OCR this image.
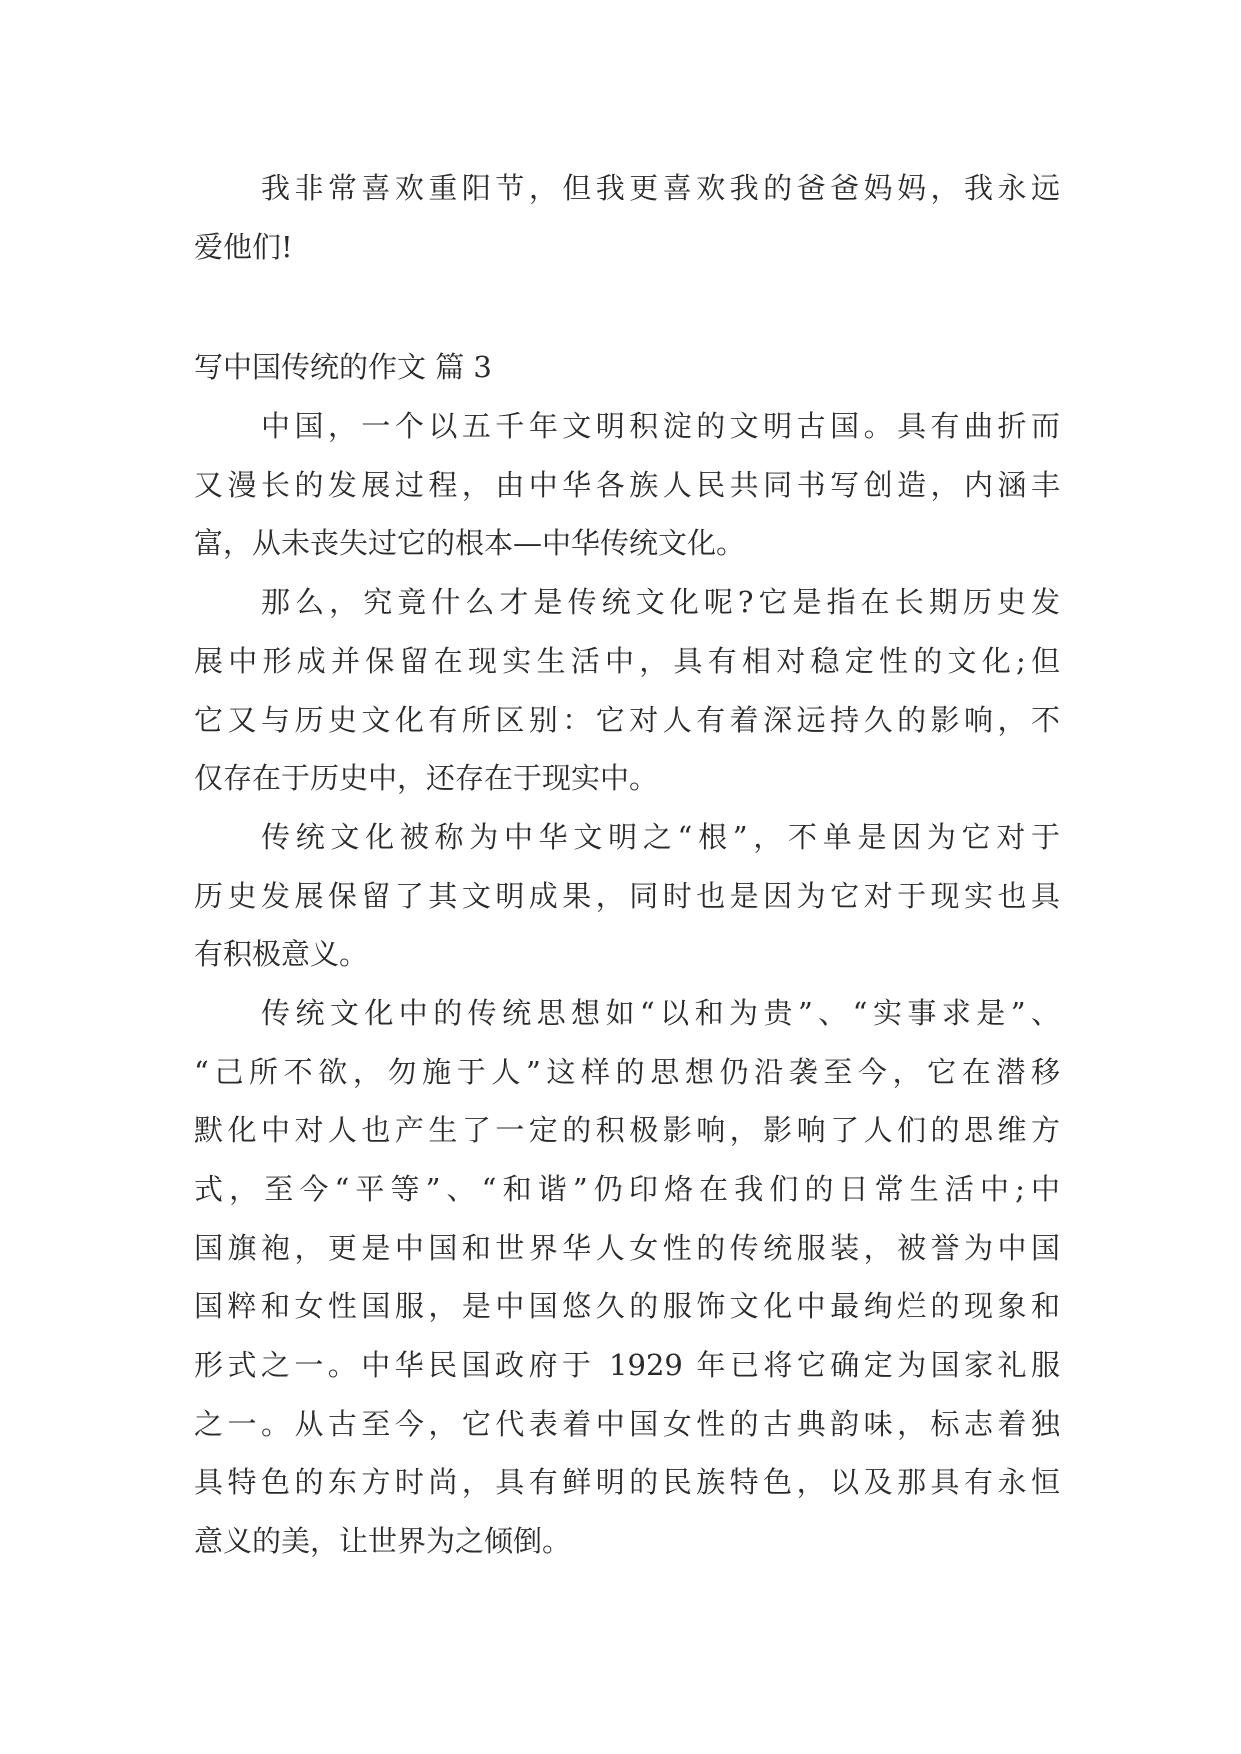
我非常喜欢重阳节，但我更喜欢我的爸爸妈妈，我永远
爱他们!
写中国传统的作文 篇 3
中国，一个以五千年文明积淀的文明古国。具有曲折而
又漫长的发展过程，由中华各族人民共同书写创造，内涵丰
富，从未丧失过它的根本—中华传统文化。
那么，究竟什么才是传统文化呢?它是指在长期历史发
展中形成并保留在现实生活中，具有相对稳定性的文化;但
它又与历史文化有所区别：它对人有着深远持久的影响，不
仅存在于历史中，还存在于现实中。
传统文化被称为中华文明之“根”，不单是因为它对于
历史发展保留了其文明成果，同时也是因为它对于现实也具
有积极意义。
传统文化中的传统思想如“以和为贵”、“实事求是”、
“己所不欲，勿施于人”这样的思想仍沿袭至今，它在潜移
默化中对人也产生了一定的积极影响，影响了人们的思维方
式，至今“平等”、“和谐”仍印烙在我们的日常生活中;中
国旗袍，更是中国和世界华人女性的传统服装，被誉为中国
国粹和女性国服，是中国悠久的服饰文化中最绚烂的现象和
形式之一。中华民国政府于 1929 年已将它确定为国家礼服
之一。从古至今，它代表着中国女性的古典韵味，标志着独
具特色的东方时尚，具有鲜明的民族特色，以及那具有永恒
意义的美，让世界为之倾倒。
